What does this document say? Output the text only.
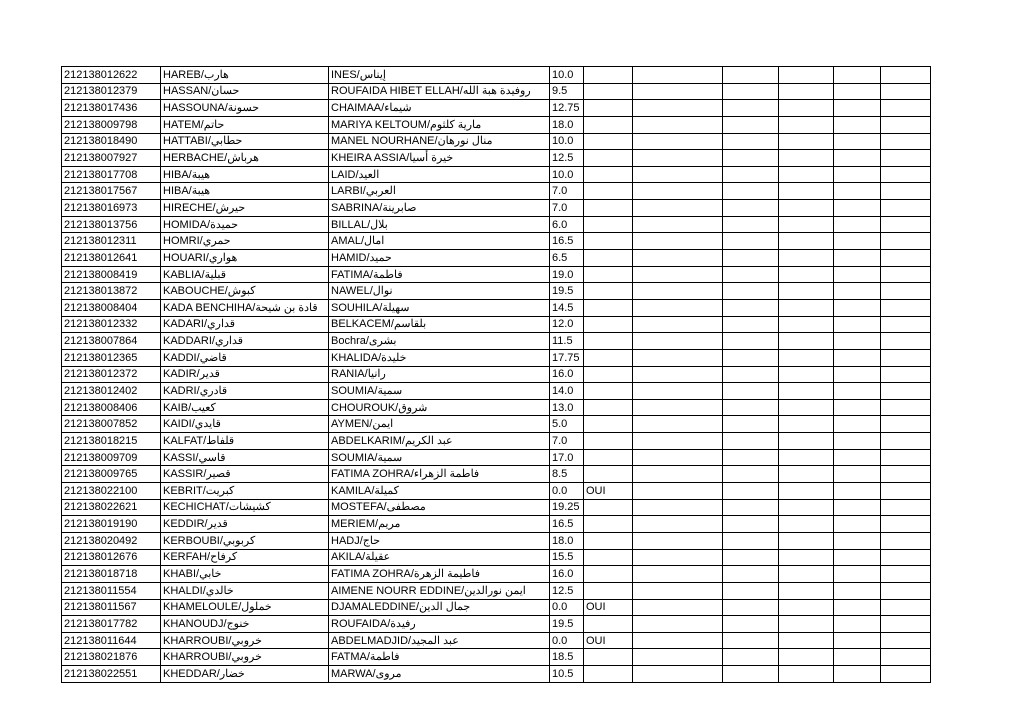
212138012622	HAREB/هارب	INES/إيناس	10.0						
212138012379	HASSAN/حسان	ROUFAIDA HIBET ELLAH/روفيدة هبة الله	9.5						
212138017436	HASSOUNA/حسونة	CHAIMAA/شيماء	12.75						
212138009798	HATEM/حاتم	MARIYA KELTOUM/مارية كلثوم	18.0						
212138018490	HATTABI/حطابي	MANEL NOURHANE/منال نورهان	10.0						
212138007927	HERBACHE/هرباش	KHEIRA ASSIA/خيرة أسيا	12.5						
212138017708	HIBA/هيبة	LAID/العيد	10.0						
212138017567	HIBA/هيبة	LARBI/العربي	7.0						
212138016973	HIRECHE/حيرش	SABRINA/صابرينة	7.0						
212138013756	HOMIDA/حميدة	BILLAL/بلال	6.0						
212138012311	HOMRI/حمري	AMAL/امال	16.5						
212138012641	HOUARI/هواري	HAMID/حميد	6.5						
212138008419	KABLIA/قبلية	FATIMA/فاطمة	19.0						
212138013872	KABOUCHE/كبوش	NAWEL/نوال	19.5						
212138008404	KADA BENCHIHA/قادة بن شيحة	SOUHILA/سهيلة	14.5						
212138012332	KADARI/قداري	BELKACEM/بلقاسم	12.0						
212138007864	KADDARI/قداري	Bochra/بشرى	11.5						
212138012365	KADDI/قاضي	KHALIDA/خليدة	17.75						
212138012372	KADIR/قدير	RANIA/رانيا	16.0						
212138012402	KADRI/قادري	SOUMIA/سمية	14.0						
212138008406	KAIB/كعيب	CHOUROUK/شروق	13.0						
212138007852	KAIDI/قايدي	AYMEN/ايمن	5.0						
212138018215	KALFAT/قلفاط	ABDELKARIM/عبد الكريم	7.0						
212138009709	KASSI/قاسي	SOUMIA/سمية	17.0						
212138009765	KASSIR/قصير	FATIMA ZOHRA/فاطمة الزهراء	8.5						
212138022100	KEBRIT/كبريت	KAMILA/كميلة	0.0	OUI					
212138022621	KECHICHAT/كشيشات	MOSTEFA/مصطفى	19.25						
212138019190	KEDDIR/قدير	MERIEM/مريم	16.5						
212138020492	KERBOUBI/كربوبي	HADJ/حاج	18.0						
212138012676	KERFAH/كرفاح	AKILA/عقيلة	15.5						
212138018718	KHABI/خابي	FATIMA ZOHRA/فاطيمة الزهرة	16.0						
212138011554	KHALDI/خالدي	AIMENE NOURR EDDINE/ايمن نورالدين	12.5						
212138011567	KHAMELOULE/خملول	DJAMALEDDINE/جمال الدين	0.0	OUI					
212138017782	KHANOUDJ/خنوج	ROUFAIDA/رفيدة	19.5						
212138011644	KHARROUBI/خروبي	ABDELMADJID/عبد المجيد	0.0	OUI					
212138021876	KHARROUBI/خروبي	FATMA/فاطمة	18.5						
212138022551	KHEDDAR/خضار	MARWA/مروى	10.5						
